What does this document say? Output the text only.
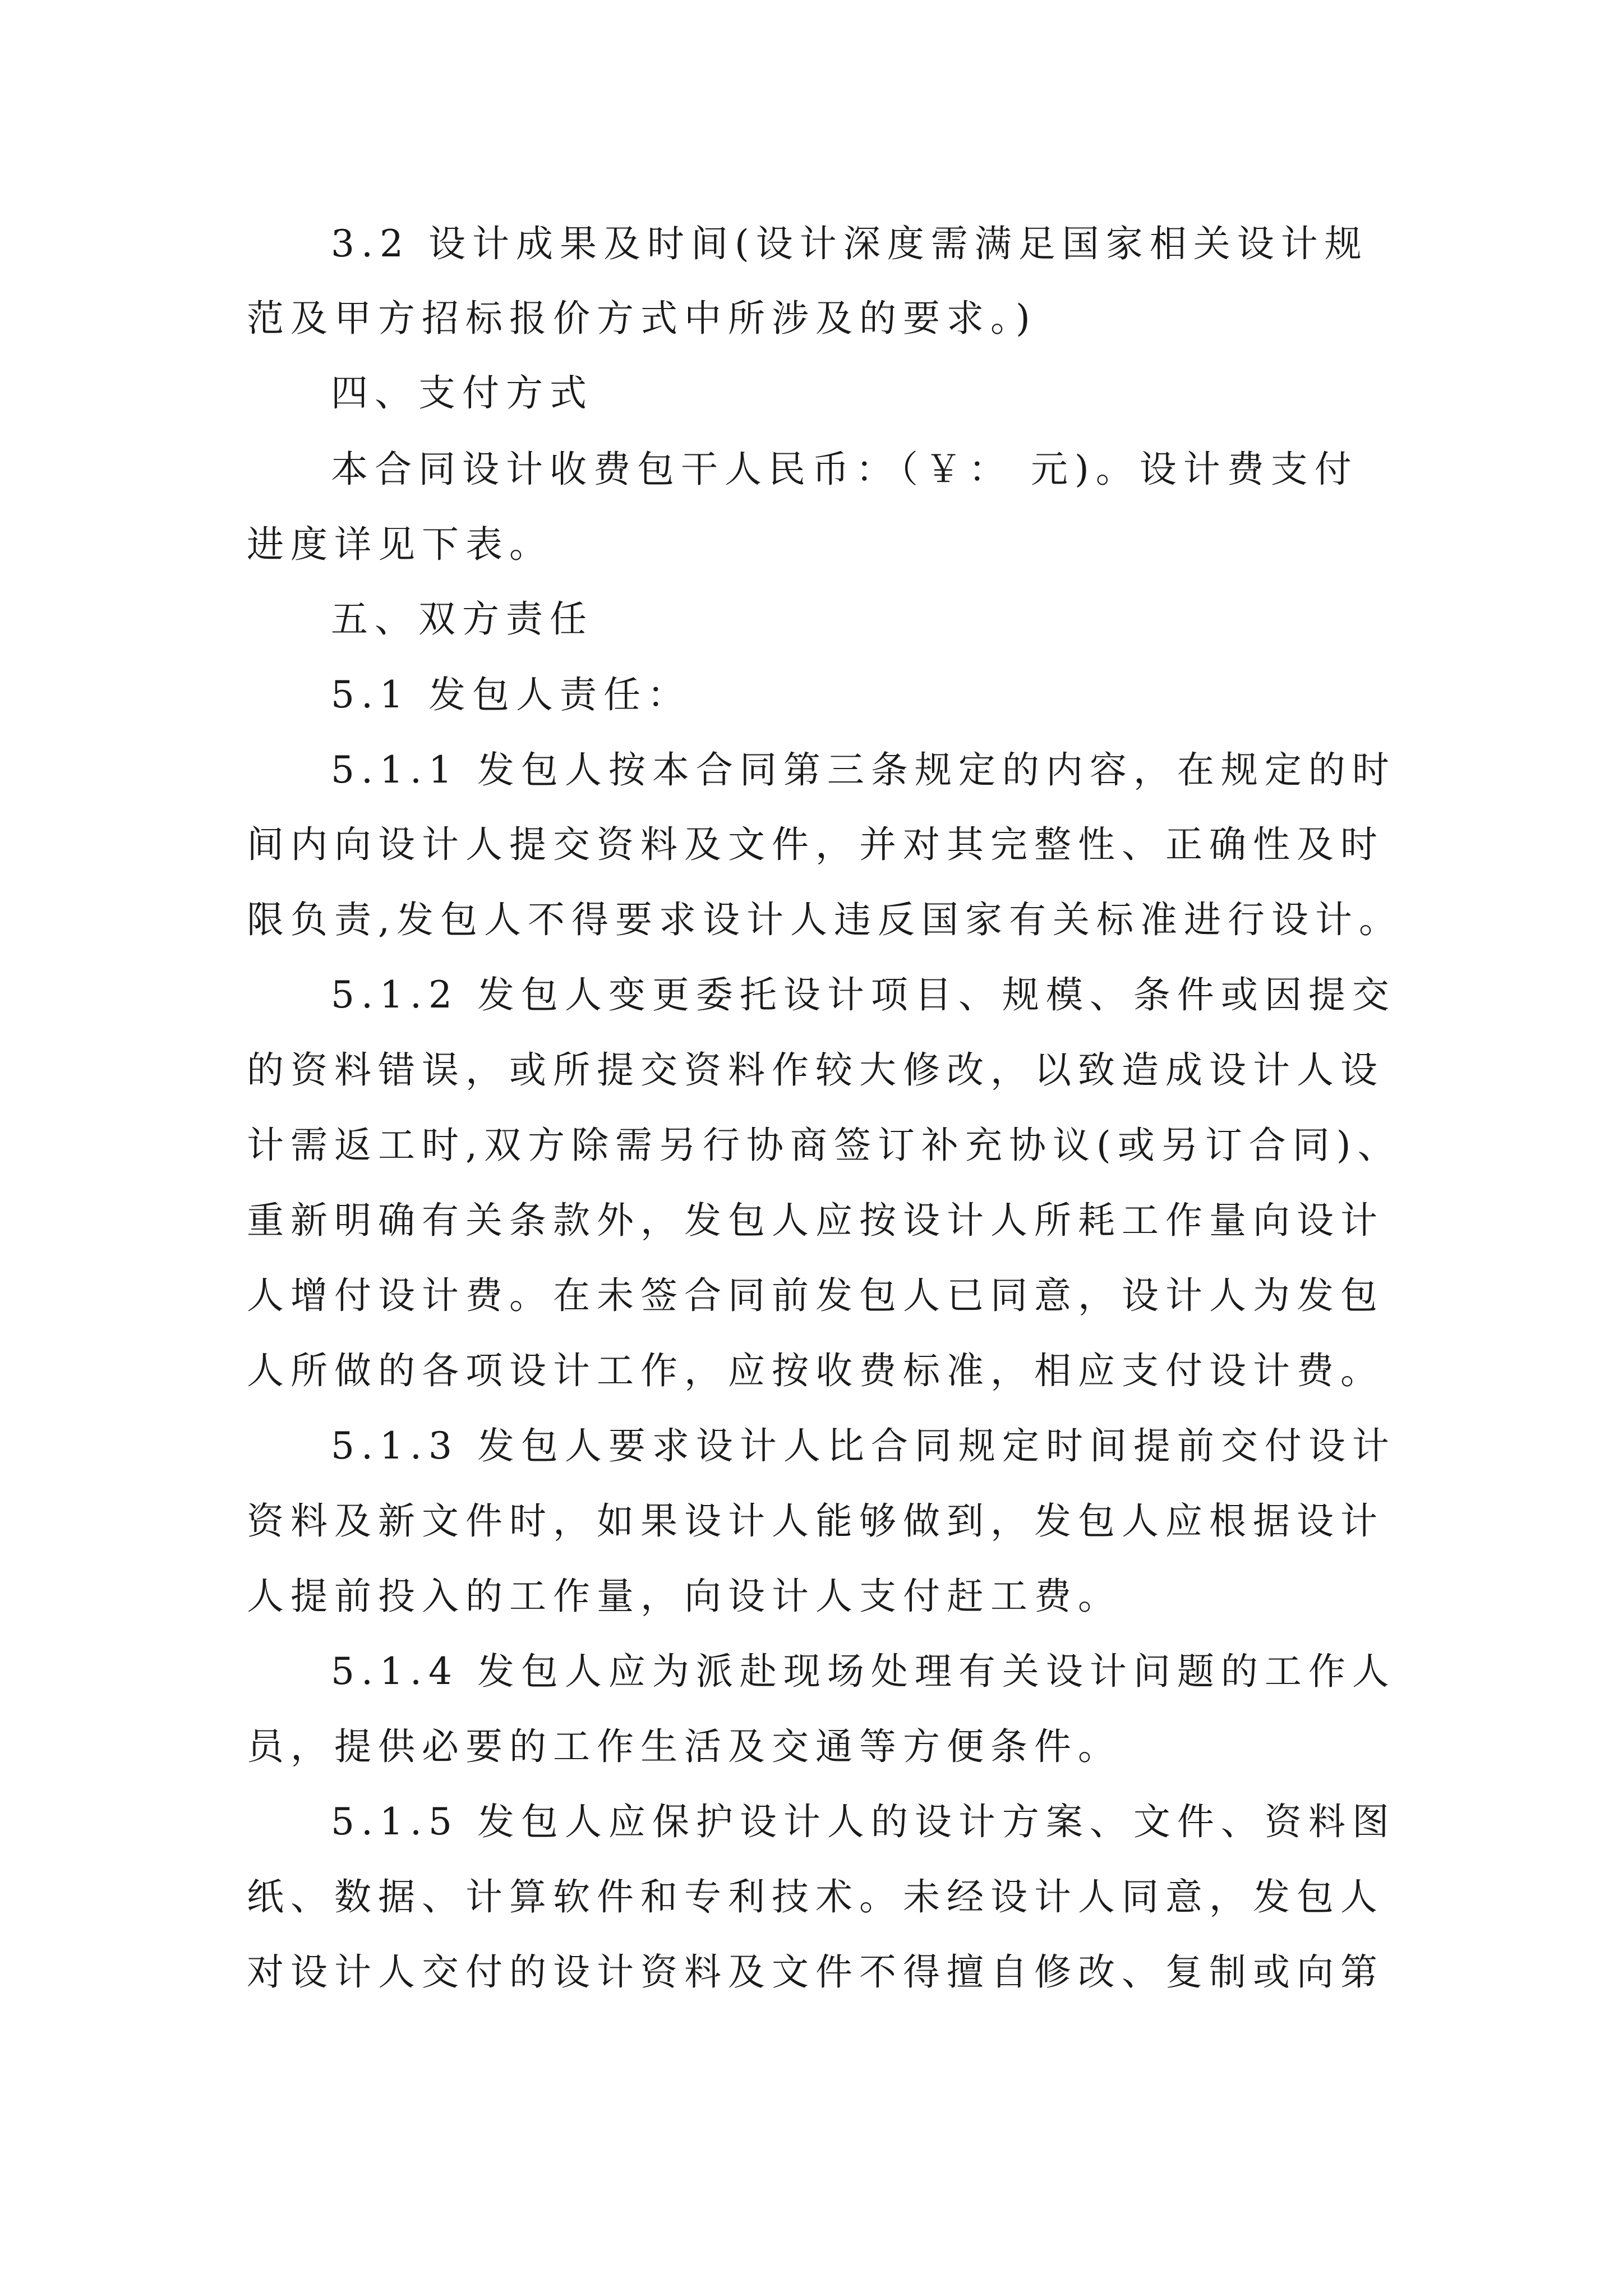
3.2 设计成果及时间(设计深度需满足国家相关设计规
范及甲方招标报价方式中所涉及的要求。)
四、支付方式
本合同设计收费包干人民币：（￥： 元)。设计费支付
进度详见下表。
五、双方责任
5.1 发包人责任：
5.1.1 发包人按本合同第三条规定的内容，在规定的时
间内向设计人提交资料及文件，并对其完整性、正确性及时
限负责,发包人不得要求设计人违反国家有关标准进行设计。
5.1.2 发包人变更委托设计项目、规模、条件或因提交
的资料错误，或所提交资料作较大修改，以致造成设计人设
计需返工时,双方除需另行协商签订补充协议(或另订合同)、
重新明确有关条款外，发包人应按设计人所耗工作量向设计
人增付设计费。在未签合同前发包人已同意，设计人为发包
人所做的各项设计工作，应按收费标准，相应支付设计费。
5.1.3 发包人要求设计人比合同规定时间提前交付设计
资料及新文件时，如果设计人能够做到，发包人应根据设计
人提前投入的工作量，向设计人支付赶工费。
5.1.4 发包人应为派赴现场处理有关设计问题的工作人
员，提供必要的工作生活及交通等方便条件。
5.1.5 发包人应保护设计人的设计方案、文件、资料图
纸、数据、计算软件和专利技术。未经设计人同意，发包人
对设计人交付的设计资料及文件不得擅自修改、复制或向第
